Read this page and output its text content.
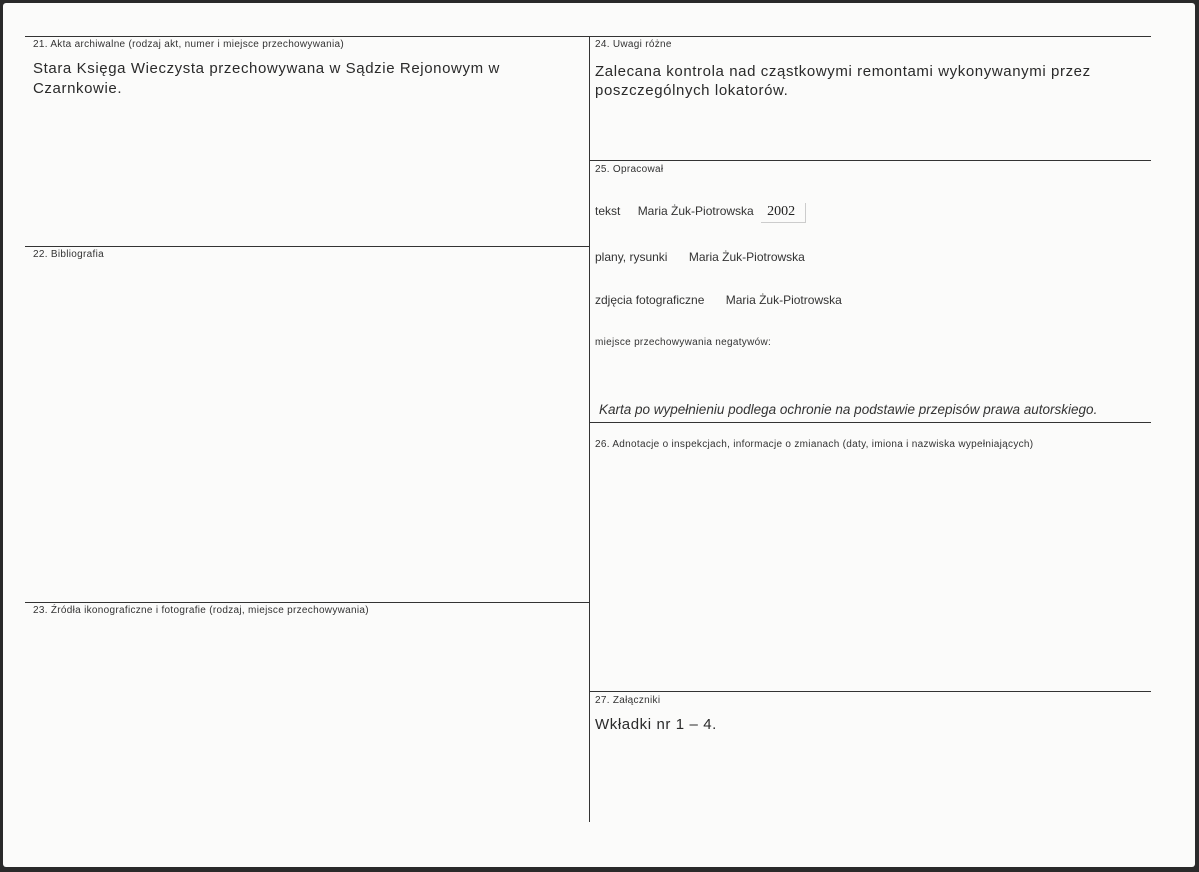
21. Akta archiwalne (rodzaj akt, numer i miejsce przechowywania)
Stara Księga Wieczysta przechowywana w Sądzie Rejonowym w
Czarnkowie.
22. Bibliografia
23. Źródła ikonograficzne i fotografie (rodzaj, miejsce przechowywania)
24. Uwagi różne
Zalecana kontrola nad cząstkowymi remontami wykonywanymi przez
poszczególnych lokatorów.
25. Opracował
tekst Maria Żuk-Piotrowska 2002
plany, rysunki Maria Żuk-Piotrowska
zdjęcia fotograficzne Maria Żuk-Piotrowska
miejsce przechowywania negatywów:
Karta po wypełnieniu podlega ochronie na podstawie przepisów prawa autorskiego.
26. Adnotacje o inspekcjach, informacje o zmianach (daty, imiona i nazwiska wypełniających)
27. Załączniki
Wkładki nr 1 – 4.
